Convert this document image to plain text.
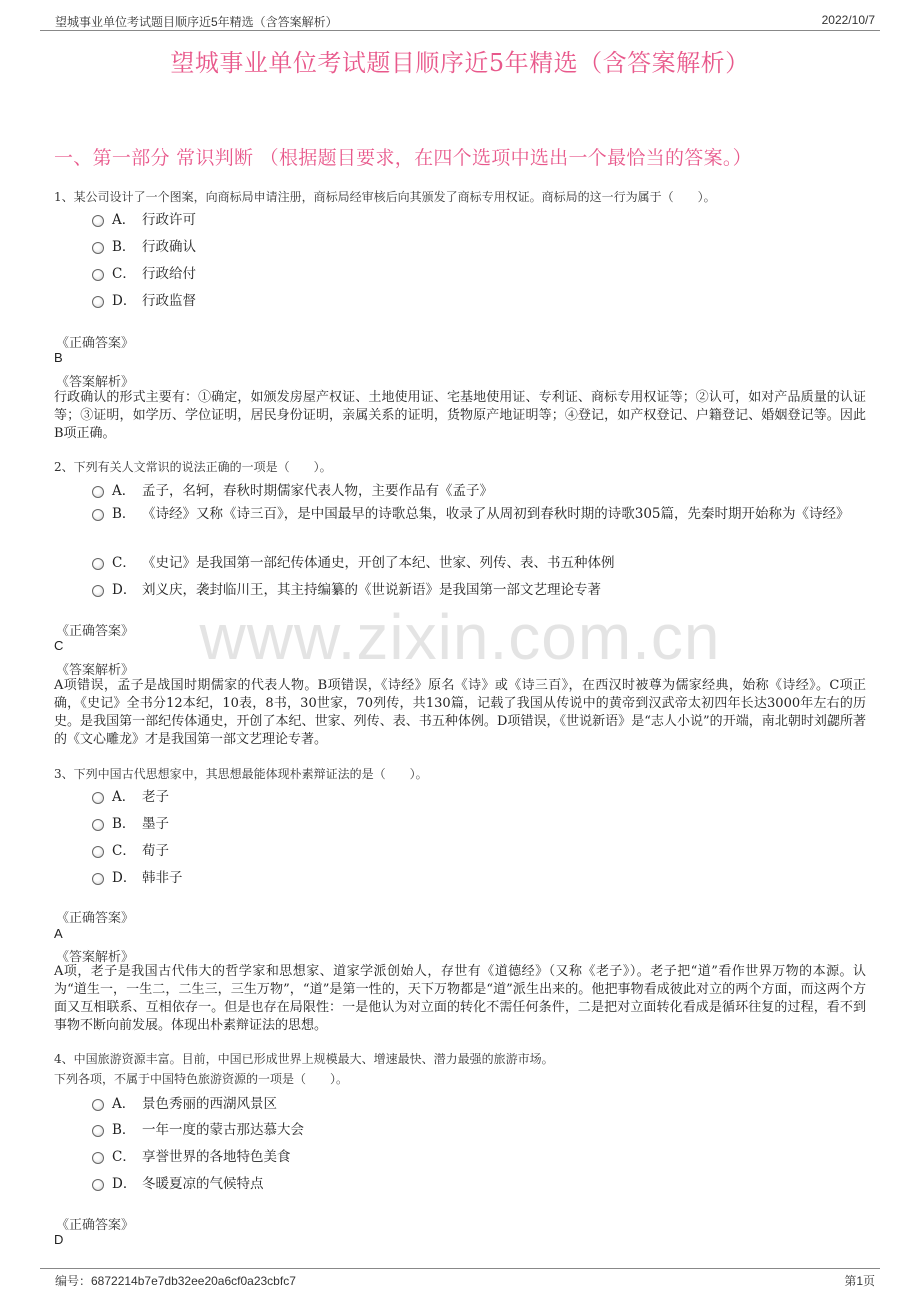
望城事业单位考试题目顺序近5年精选（含答案解析）	2022/10/7
望城事业单位考试题目顺序近5年精选（含答案解析）
一、第一部分 常识判断 （根据题目要求，在四个选项中选出一个最恰当的答案。）
www.zixin.com.cn
1、某公司设计了一个图案，向商标局申请注册，商标局经审核后向其颁发了商标专用权证。商标局的这一行为属于（　　）。
A． 行政许可
B． 行政确认
C． 行政给付
D． 行政监督
《正确答案》
B
《答案解析》
行政确认的形式主要有：①确定，如颁发房屋产权证、土地使用证、宅基地使用证、专利证、商标专用权证等；②认可，如对产品质量的认证等；③证明，如学历、学位证明，居民身份证明，亲属关系的证明，货物原产地证明等；④登记，如产权登记、户籍登记、婚姻登记等。因此B项正确。
2、下列有关人文常识的说法正确的一项是（　　）。
A． 孟子，名轲，春秋时期儒家代表人物，主要作品有《孟子》
B． 《诗经》又称《诗三百》，是中国最早的诗歌总集，收录了从周初到春秋时期的诗歌305篇，先秦时期开始称为《诗经》
C． 《史记》是我国第一部纪传体通史，开创了本纪、世家、列传、表、书五种体例
D． 刘义庆，袭封临川王，其主持编纂的《世说新语》是我国第一部文艺理论专著
《正确答案》
C
《答案解析》
A项错误，孟子是战国时期儒家的代表人物。B项错误，《诗经》原名《诗》或《诗三百》，在西汉时被尊为儒家经典，始称《诗经》。C项正确，《史记》全书分12本纪，10表，8书，30世家，70列传，共130篇，记载了我国从传说中的黄帝到汉武帝太初四年长达3000年左右的历史。是我国第一部纪传体通史，开创了本纪、世家、列传、表、书五种体例。D项错误，《世说新语》是“志人小说”的开端，南北朝时刘勰所著的《文心雕龙》才是我国第一部文艺理论专著。
3、下列中国古代思想家中，其思想最能体现朴素辩证法的是（　　）。
A． 老子
B． 墨子
C． 荀子
D． 韩非子
《正确答案》
A
《答案解析》
A项，老子是我国古代伟大的哲学家和思想家、道家学派创始人，存世有《道德经》（又称《老子》）。老子把“道”看作世界万物的本源。认为“道生一，一生二，二生三，三生万物”，“道”是第一性的，天下万物都是“道”派生出来的。他把事物看成彼此对立的两个方面，而这两个方面又互相联系、互相依存一。但是也存在局限性：一是他认为对立面的转化不需任何条件，二是把对立面转化看成是循环往复的过程，看不到事物不断向前发展。体现出朴素辩证法的思想。
4、中国旅游资源丰富。目前，中国已形成世界上规模最大、增速最快、潜力最强的旅游市场。
下列各项，不属于中国特色旅游资源的一项是（　　）。
A． 景色秀丽的西湖风景区
B． 一年一度的蒙古那达慕大会
C． 享誉世界的各地特色美食
D． 冬暖夏凉的气候特点
《正确答案》
D
编号：6872214b7e7db32ee20a6cf0a23cbfc7	第1页
